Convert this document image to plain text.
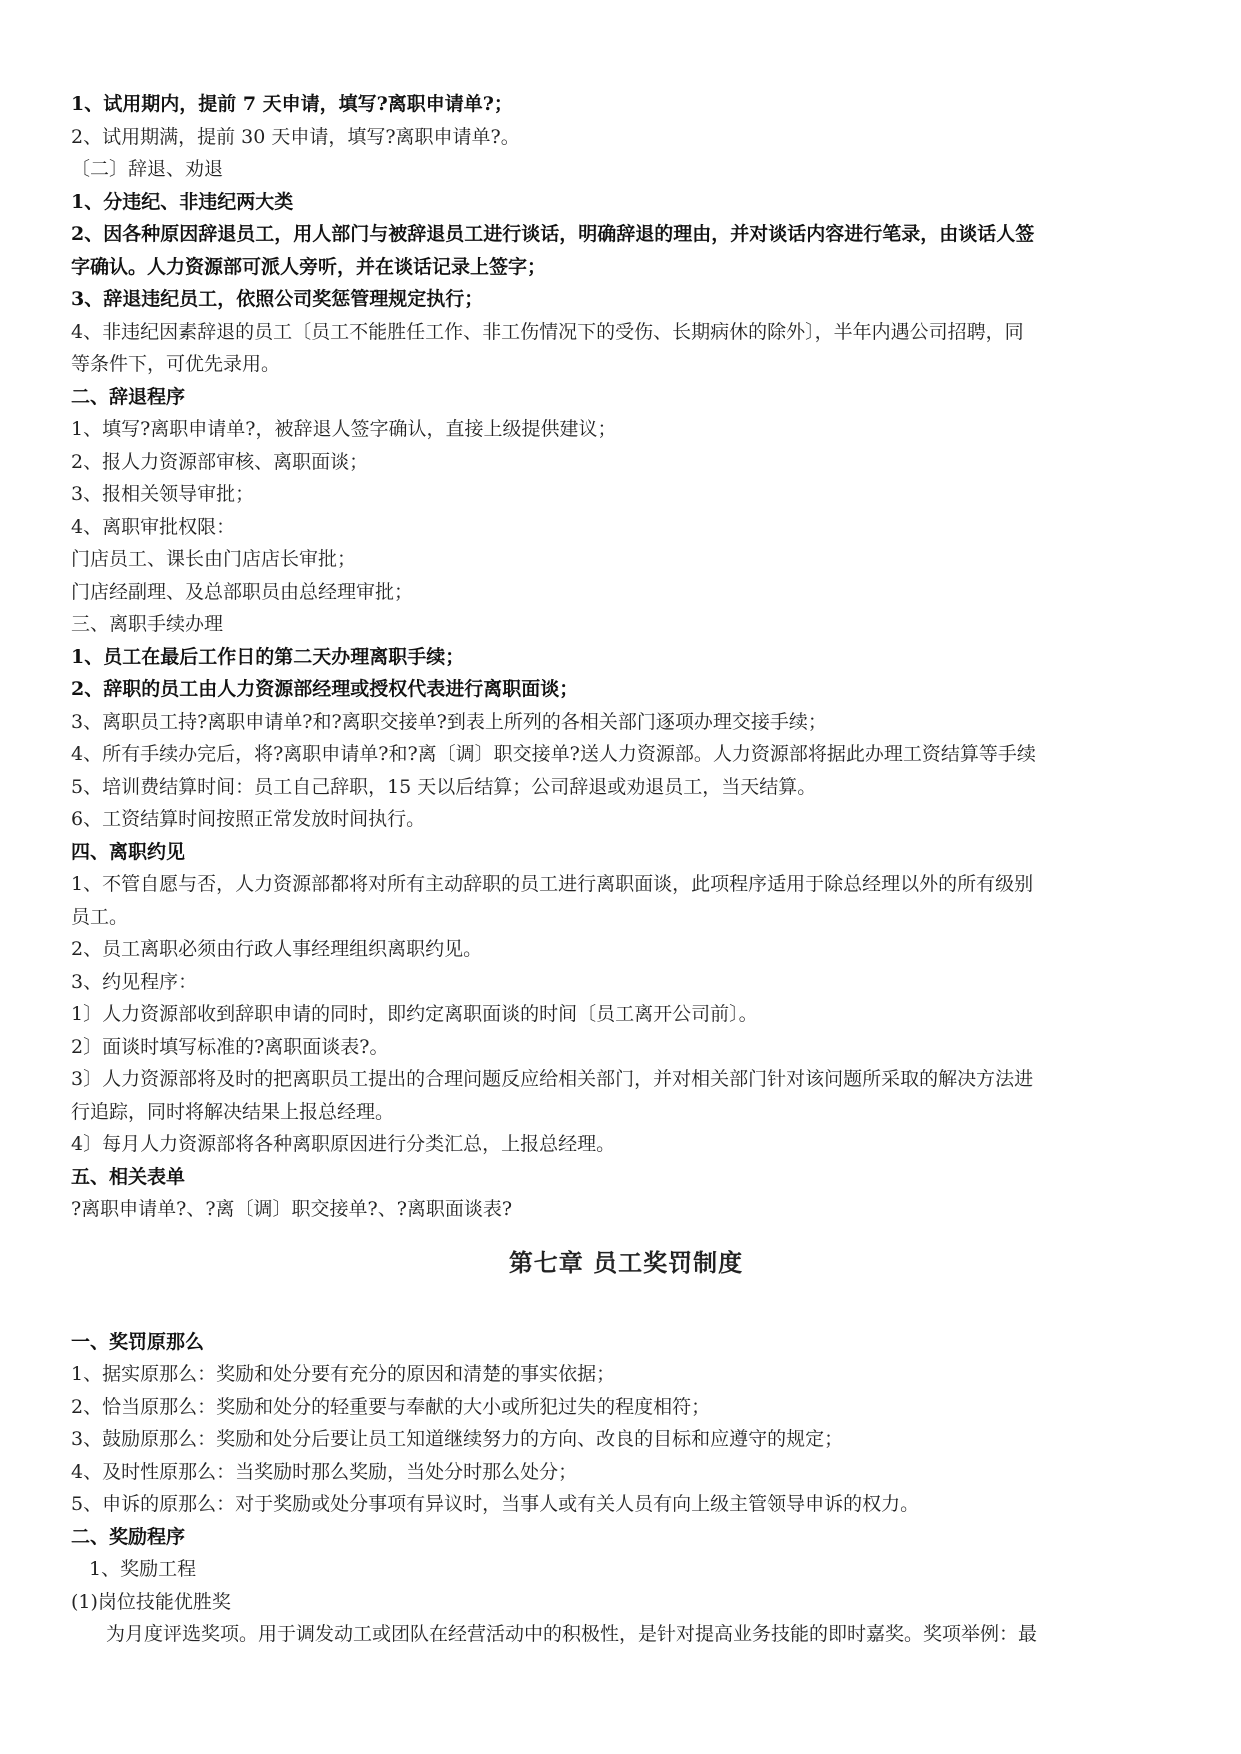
1、试用期内，提前 7 天申请，填写?离职申请单?；
2、试用期满，提前 30 天申请，填写?离职申请单?。
〔二〕辞退、劝退
1、分违纪、非违纪两大类
2、因各种原因辞退员工，用人部门与被辞退员工进行谈话，明确辞退的理由，并对谈话内容进行笔录，由谈话人签
字确认。人力资源部可派人旁听，并在谈话记录上签字；
3、辞退违纪员工，依照公司奖惩管理规定执行；
4、非违纪因素辞退的员工〔员工不能胜任工作、非工伤情况下的受伤、长期病休的除外〕，半年内遇公司招聘，同
等条件下，可优先录用。
二、辞退程序
1、填写?离职申请单?，被辞退人签字确认，直接上级提供建议；
2、报人力资源部审核、离职面谈；
3、报相关领导审批；
4、离职审批权限：
门店员工、课长由门店店长审批；
门店经副理、及总部职员由总经理审批；
三、离职手续办理
1、员工在最后工作日的第二天办理离职手续；
2、辞职的员工由人力资源部经理或授权代表进行离职面谈；
3、离职员工持?离职申请单?和?离职交接单?到表上所列的各相关部门逐项办理交接手续；
4、所有手续办完后，将?离职申请单?和?离〔调〕职交接单?送人力资源部。人力资源部将据此办理工资结算等手续
5、培训费结算时间：员工自己辞职，15 天以后结算；公司辞退或劝退员工，当天结算。
6、工资结算时间按照正常发放时间执行。
四、离职约见
1、不管自愿与否，人力资源部都将对所有主动辞职的员工进行离职面谈，此项程序适用于除总经理以外的所有级别
员工。
2、员工离职必须由行政人事经理组织离职约见。
3、约见程序：
1〕人力资源部收到辞职申请的同时，即约定离职面谈的时间〔员工离开公司前〕。
2〕面谈时填写标准的?离职面谈表?。
3〕人力资源部将及时的把离职员工提出的合理问题反应给相关部门，并对相关部门针对该问题所采取的解决方法进
行追踪，同时将解决结果上报总经理。
4〕每月人力资源部将各种离职原因进行分类汇总，上报总经理。
五、相关表单
?离职申请单?、?离〔调〕职交接单?、?离职面谈表?
第七章 员工奖罚制度
一、奖罚原那么
1、据实原那么：奖励和处分要有充分的原因和清楚的事实依据；
2、恰当原那么：奖励和处分的轻重要与奉献的大小或所犯过失的程度相符；
3、鼓励原那么：奖励和处分后要让员工知道继续努力的方向、改良的目标和应遵守的规定；
4、及时性原那么：当奖励时那么奖励，当处分时那么处分；
5、申诉的原那么：对于奖励或处分事项有异议时，当事人或有关人员有向上级主管领导申诉的权力。
二、奖励程序
1、奖励工程
(1)岗位技能优胜奖
为月度评选奖项。用于调发动工或团队在经营活动中的积极性，是针对提高业务技能的即时嘉奖。奖项举例：最
